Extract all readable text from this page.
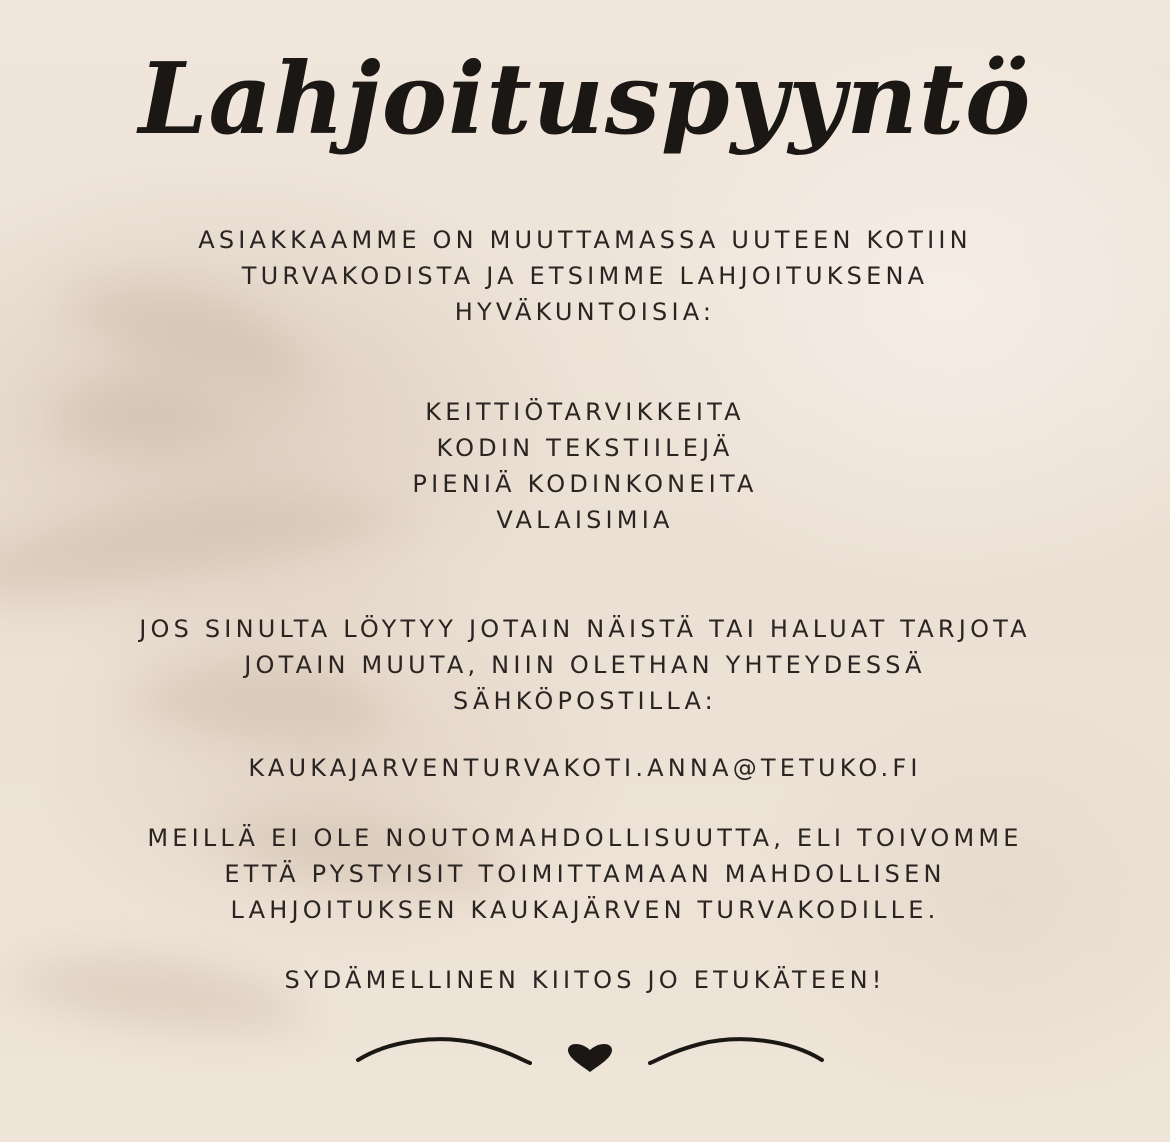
Lahjoituspyyntö

ASIAKKAAMME ON MUUTTAMASSA UUTEEN KOTIIN

TURVAKODISTA JA ETSIMME LAHJOITUKSENA

HYVÄKUNTOISIA:

KEITTIÖTARVIKKEITA

KODIN TEKSTIILEJÄ

PIENIÄ KODINKONEITA

VALAISIMIA

JOS SINULTA LÖYTYY JOTAIN NÄISTÄ TAI HALUAT TARJOTA

JOTAIN MUUTA, NIIN OLETHAN YHTEYDESSÄ

SÄHKÖPOSTILLA:

KAUKAJARVENTURVAKOTI.ANNA@TETUKO.FI

MEILLÄ EI OLE NOUTOMAHDOLLISUUTTA, ELI TOIVOMME

ETTÄ PYSTYISIT TOIMITTAMAAN MAHDOLLISEN

LAHJOITUKSEN KAUKAJÄRVEN TURVAKODILLE.

SYDÄMELLINEN KIITOS JO ETUKÄTEEN!
